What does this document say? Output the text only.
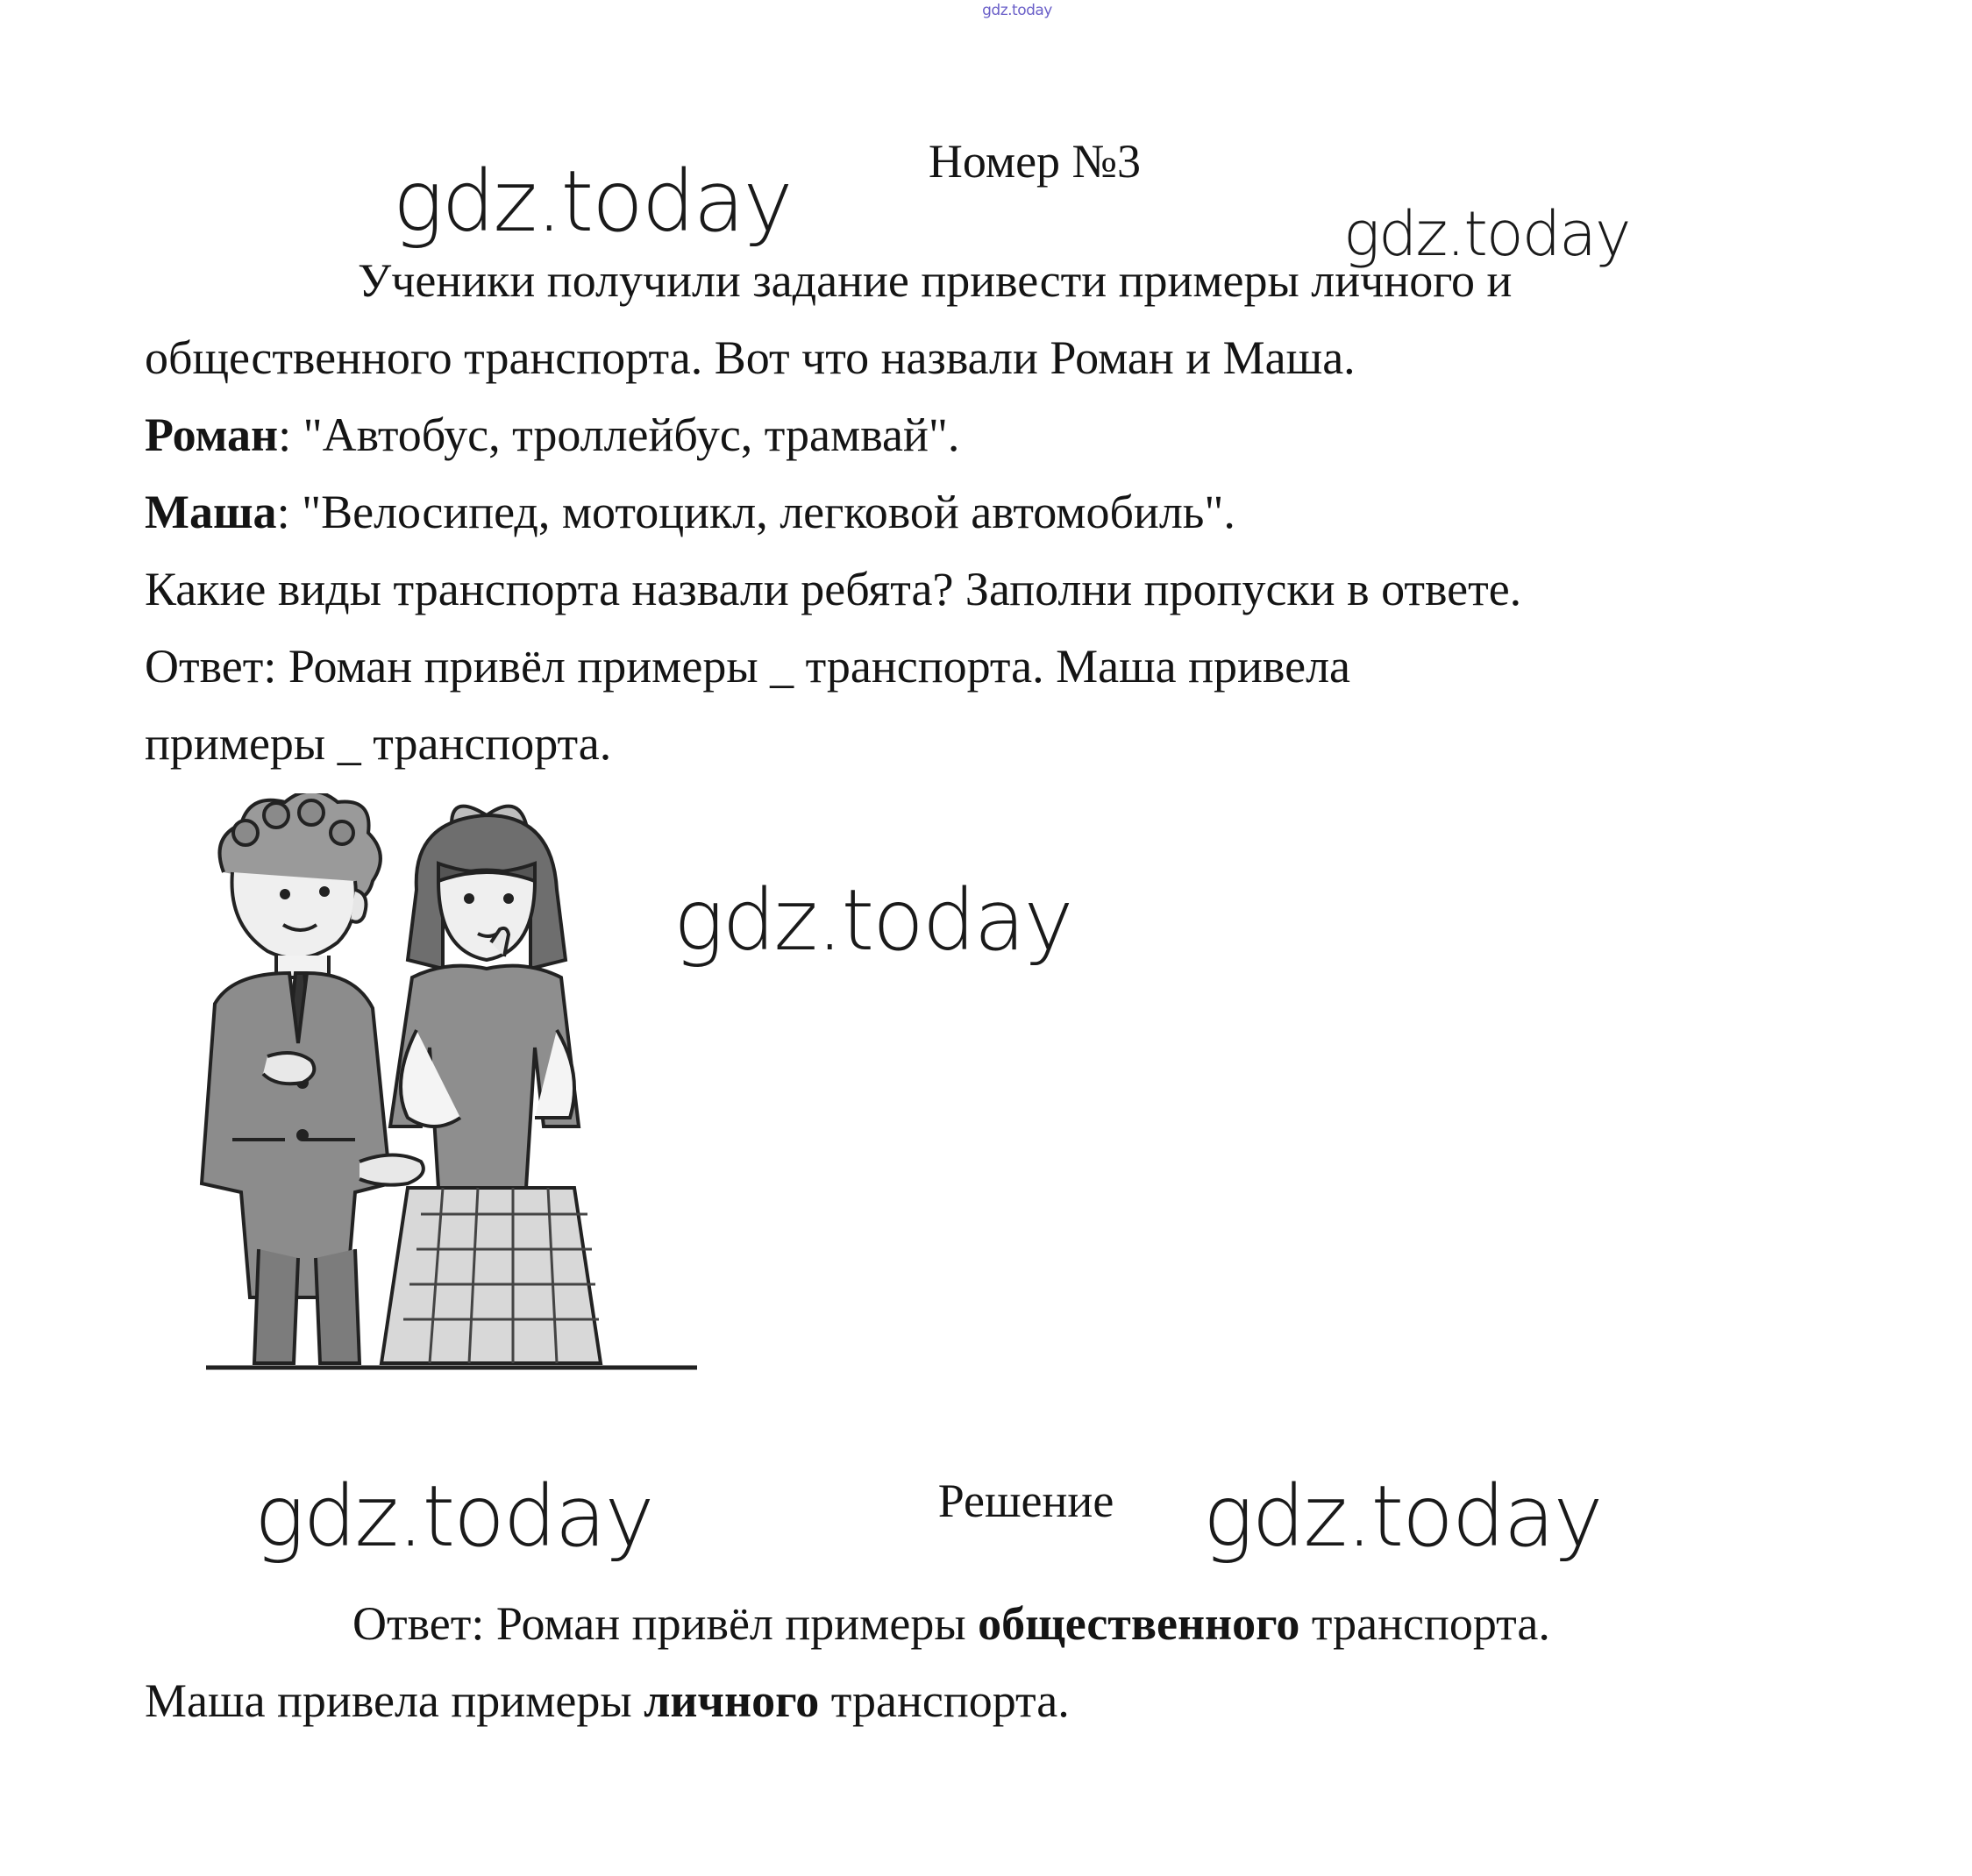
gdz.today
gdz.today	gdz.today
gdz.today
gdz.today	gdz.today
Номер №3
Ученики получили задание привести примеры личного и
общественного транспорта. Вот что назвали Роман и Маша.
Роман: "Автобус, троллейбус, трамвай".
Маша: "Велосипед, мотоцикл, легковой автомобиль".
Какие виды транспорта назвали ребята? Заполни пропуски в ответе.
Ответ: Роман привёл примеры _ транспорта. Маша привела
примеры _ транспорта.
Решение
Ответ: Роман привёл примеры общественного транспорта.
Маша привела примеры личного транспорта.
